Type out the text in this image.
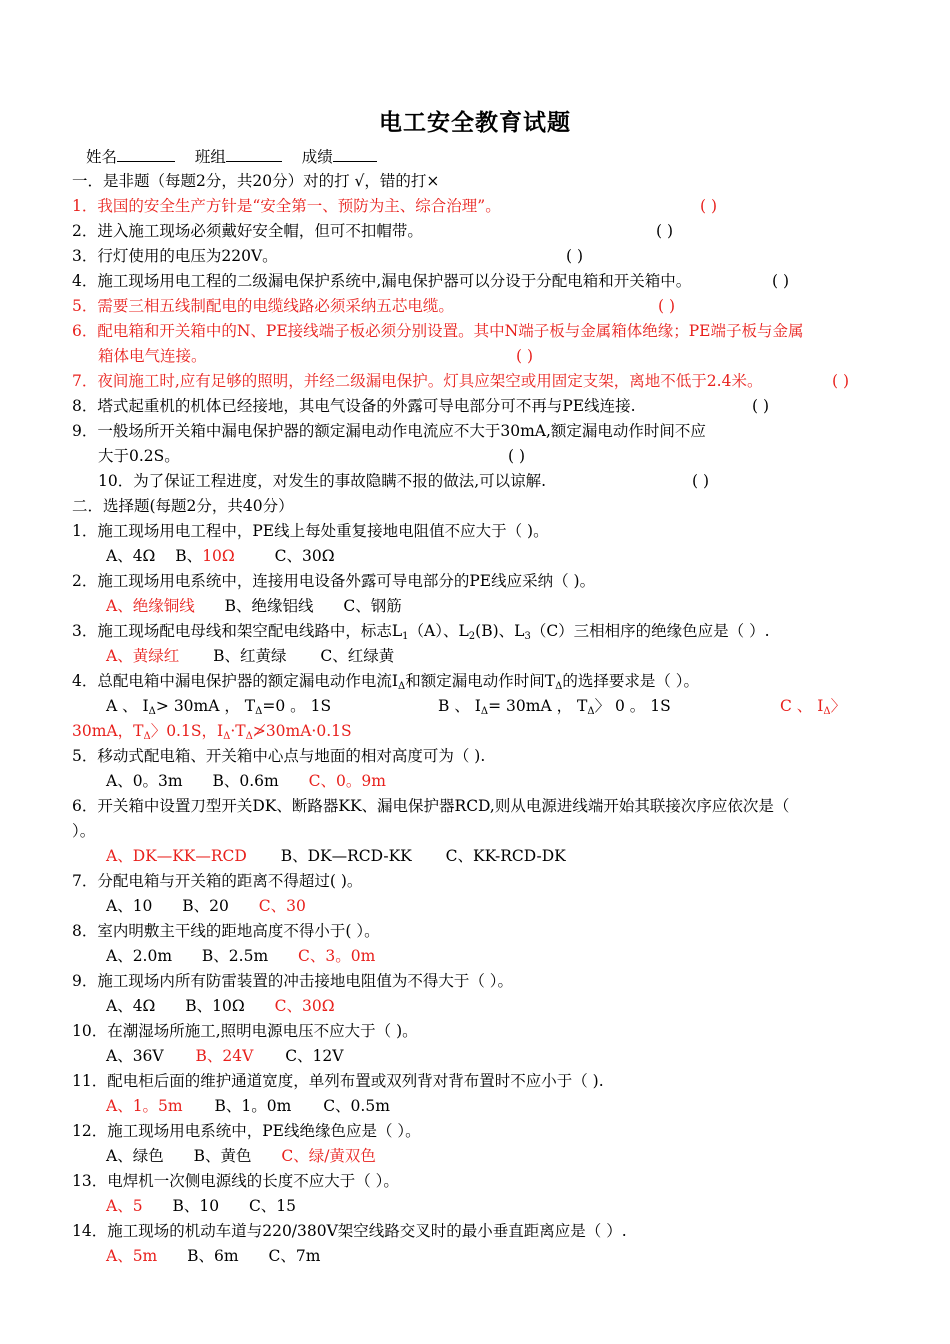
电工安全教育试题
姓名	班组	成绩
一．是非题（每题2分，共20分）对的打 √，错的打×
1．我国的安全生产方针是“安全第一、预防为主、综合治理”。	( )
2．进入施工现场必须戴好安全帽，但可不扣帽带。	( )
3．行灯使用的电压为220V。	( )
4．施工现场用电工程的二级漏电保护系统中,漏电保护器可以分设于分配电箱和开关箱中。	( )
5．需要三相五线制配电的电缆线路必须采纳五芯电缆。	( )
6．配电箱和开关箱中的N、PE接线端子板必须分别设置。其中N端子板与金属箱体绝缘；PE端子板与金属
箱体电气连接。	( )
7．夜间施工时,应有足够的照明，并经二级漏电保护。灯具应架空或用固定支架，离地不低于2.4米。	( )
8．塔式起重机的机体已经接地，其电气设备的外露可导电部分可不再与PE线连接.	( )
9．一般场所开关箱中漏电保护器的额定漏电动作电流应不大于30mA,额定漏电动作时间不应
大于0.2S。	( )
10．为了保证工程进度，对发生的事故隐瞒不报的做法,可以谅解.	( )
二．选择题(每题2分，共40分）
1．施工现场用电工程中，PE线上每处重复接地电阻值不应大于（ )。
A、4Ω B、10Ω	C、30Ω
2．施工现场用电系统中，连接用电设备外露可导电部分的PE线应采纳（ )。
A、绝缘铜线 B、绝缘铝线 C、钢筋
3．施工现场配电母线和架空配电线路中，标志$L_1(A)$、$L_2(B)$、$L_3(C)$三相相序的绝缘色应是（ ）.
A、黄绿红 B、红黄绿 C、红绿黄
4．总配电箱中漏电保护器的额定漏电动作电流$I_\Delta$和额定漏电动作时间$T_\Delta$的选择要求是（ ）。
A 、 $I_\Delta> 30mA$ ， $T_\Delta=0$ 。 1S	B 、 $I_\Delta= 30mA$ ， $T_\Delta$〉 0 。 1S	C 、 $I_\Delta$〉
30mA，$T_\Delta$〉0.1S，$I_\Delta\cdot T_\Delta≯30mA\cdot 0.1S$
5．移动式配电箱、开关箱中心点与地面的相对高度可为（ ).
A、0。3m B、0.6m C、0。9m
6．开关箱中设置刀型开关DK、断路器KK、漏电保护器RCD,则从电源进线端开始其联接次序应依次是（
）。
A、DK—KK—RCD B、DK—RCD-KK C、KK-RCD-DK
7．分配电箱与开关箱的距离不得超过( )。
A、10 B、20 C、30
8．室内明敷主干线的距地高度不得小于( ）。
A、2.0m B、2.5m C、3。0m
9．施工现场内所有防雷装置的冲击接地电阻值为不得大于（ ）。
A、4Ω B、10Ω C、30Ω
10．在潮湿场所施工,照明电源电压不应大于（ )。
A、36V B、24V C、12V
11．配电柜后面的维护通道宽度，单列布置或双列背对背布置时不应小于（ ).
A、1。5m B、1。0m C、0.5m
12．施工现场用电系统中，PE线绝缘色应是（ ）。
A、绿色 B、黄色 C、绿/黄双色
13．电焊机一次侧电源线的长度不应大于（ ）。
A、5 B、10 C、15
14．施工现场的机动车道与220/380V架空线路交叉时的最小垂直距离应是（ ）.
A、5m B、6m C、7m
